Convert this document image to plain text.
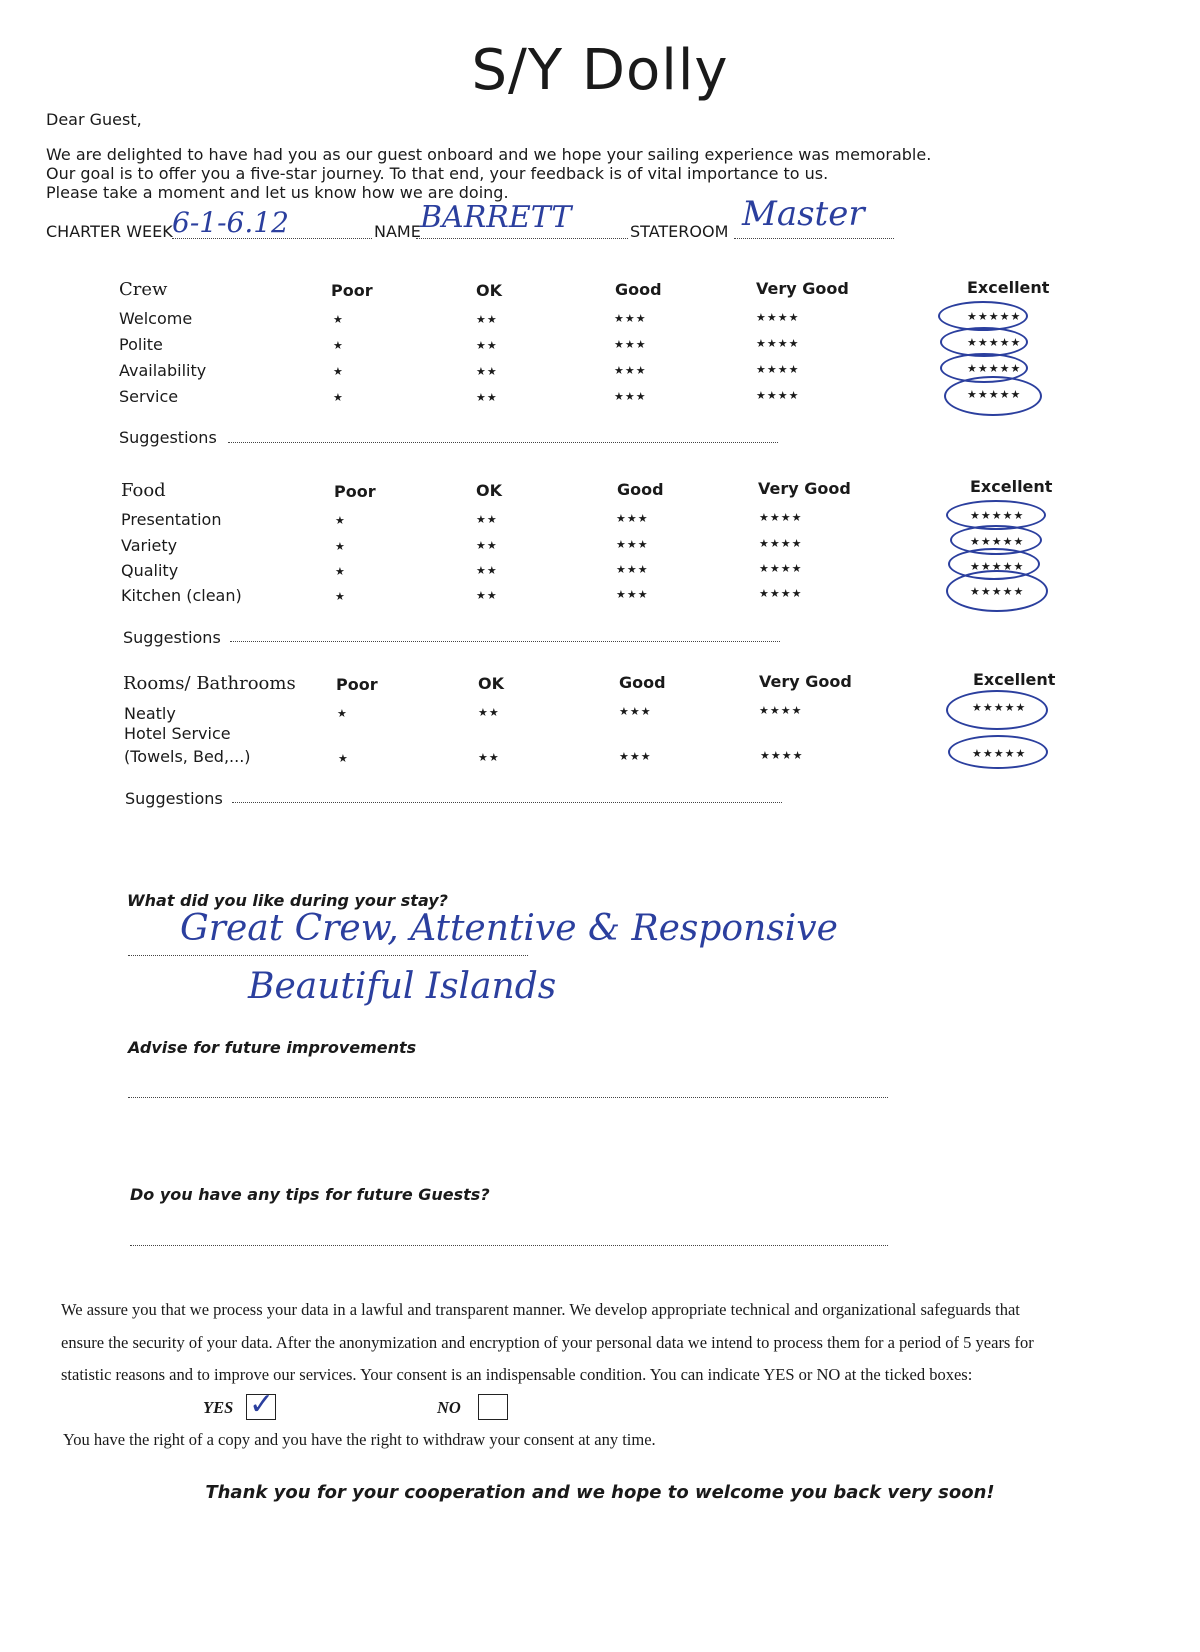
S/Y Dolly
Dear Guest,
We are delighted to have had you as our guest onboard and we hope your sailing experience was memorable.
Our goal is to offer you a five-star journey. To that end, your feedback is of vital importance to us.
Please take a moment and let us know how we are doing.
CHARTER WEEK 6-1-6.12	NAME BARRETT	STATEROOM Master
Crew	Poor	OK	Good	Very Good	Excellent
Welcome	★	★★	★★★	★★★★	★★★★★
Polite	★	★★	★★★	★★★★	★★★★★
Availability	★	★★	★★★	★★★★	★★★★★
Service	★	★★	★★★	★★★★	★★★★★
Suggestions
Food	Poor	OK	Good	Very Good	Excellent
Presentation	★	★★	★★★	★★★★	★★★★★
Variety	★	★★	★★★	★★★★	★★★★★
Quality	★	★★	★★★	★★★★	★★★★★
Kitchen (clean)	★	★★	★★★	★★★★	★★★★★
Suggestions
Rooms/ Bathrooms	Poor	OK	Good	Very Good	Excellent
Neatly	★	★★	★★★	★★★★	★★★★★
Hotel Service
(Towels, Bed,...)	★	★★	★★★	★★★★	★★★★★
Suggestions
What did you like during your stay?
Great Crew, Attentive & Responsive
Beautiful Islands
Advise for future improvements
Do you have any tips for future Guests?
We assure you that we process your data in a lawful and transparent manner. We develop appropriate technical and organizational safeguards that
ensure the security of your data. After the anonymization and encryption of your personal data we intend to process them for a period of 5 years for
statistic reasons and to improve our services. Your consent is an indispensable condition. You can indicate YES or NO at the ticked boxes:
YES ✓	NO
You have the right of a copy and you have the right to withdraw your consent at any time.
Thank you for your cooperation and we hope to welcome you back very soon!
